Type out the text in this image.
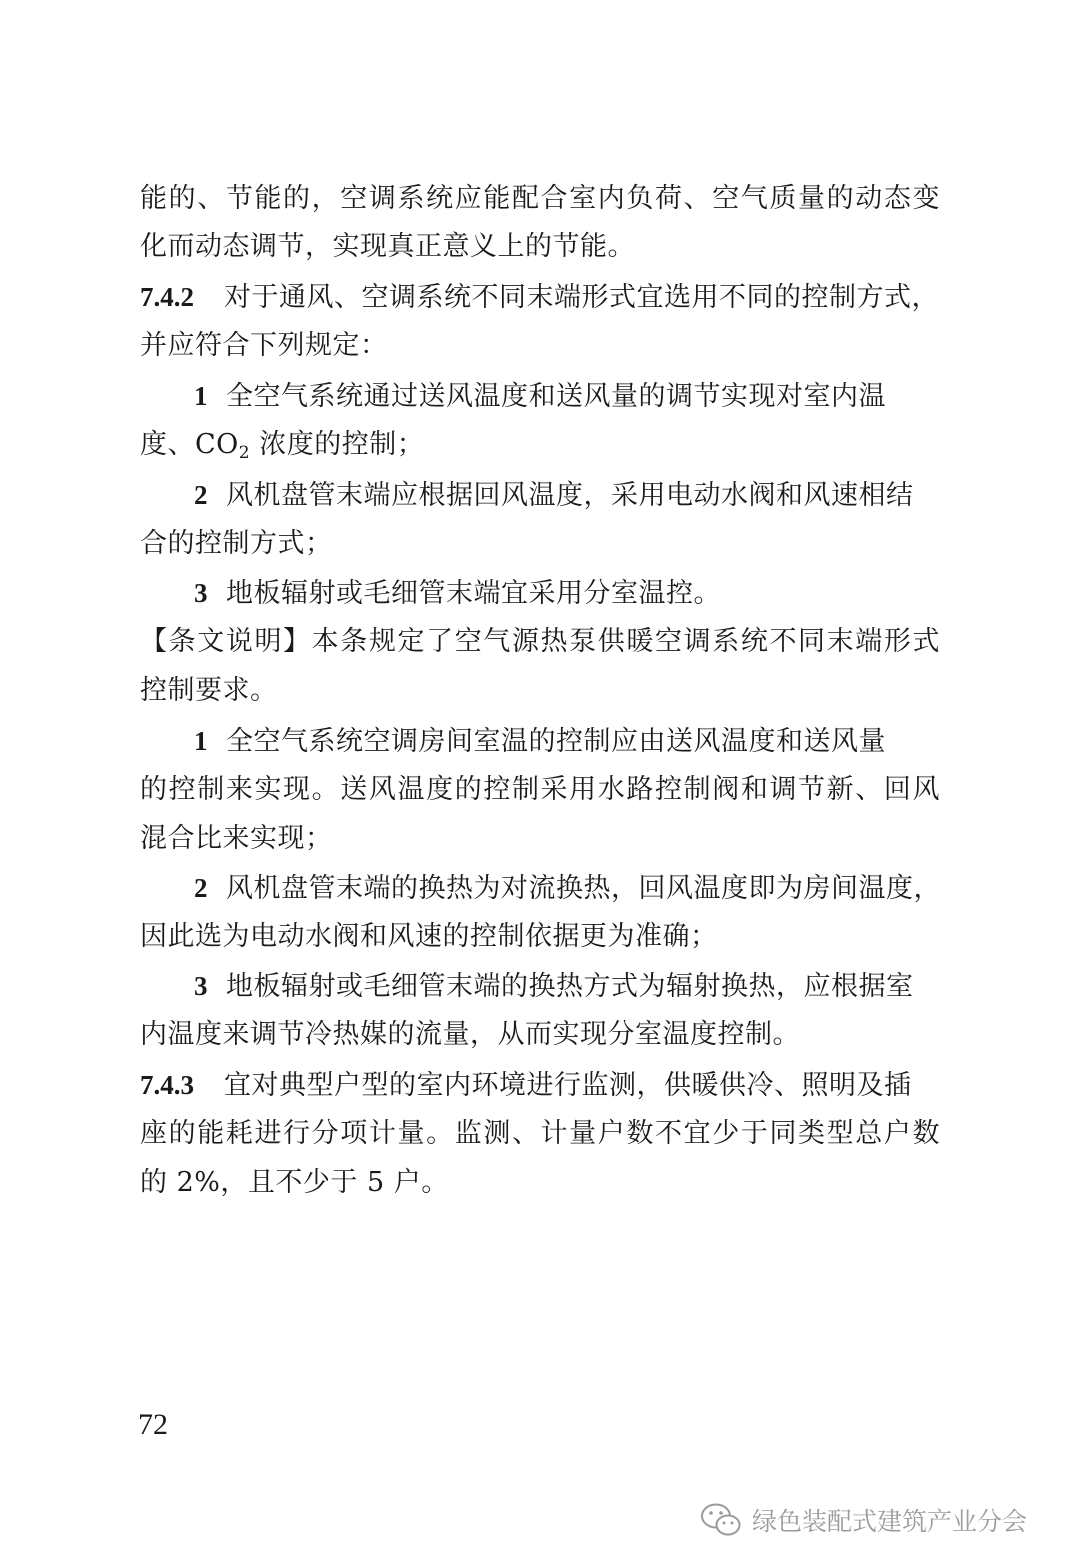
能的、节能的，空调系统应能配合室内负荷、空气质量的动态变
化而动态调节，实现真正意义上的节能。
7.4.2 对于通风、空调系统不同末端形式宜选用不同的控制方式，
并应符合下列规定：
1 全空气系统通过送风温度和送风量的调节实现对室内温
度、$CO_2$ 浓度的控制；
2 风机盘管末端应根据回风温度，采用电动水阀和风速相结
合的控制方式；
3 地板辐射或毛细管末端宜采用分室温控。
【条文说明】本条规定了空气源热泵供暖空调系统不同末端形式
控制要求。
1 全空气系统空调房间室温的控制应由送风温度和送风量
的控制来实现。送风温度的控制采用水路控制阀和调节新、回风
混合比来实现；
2 风机盘管末端的换热为对流换热，回风温度即为房间温度，
因此选为电动水阀和风速的控制依据更为准确；
3 地板辐射或毛细管末端的换热方式为辐射换热，应根据室
内温度来调节冷热媒的流量，从而实现分室温度控制。
7.4.3 宜对典型户型的室内环境进行监测，供暖供冷、照明及插
座的能耗进行分项计量。监测、计量户数不宜少于同类型总户数
的 2%，且不少于 5 户。
72
绿色装配式建筑产业分会
